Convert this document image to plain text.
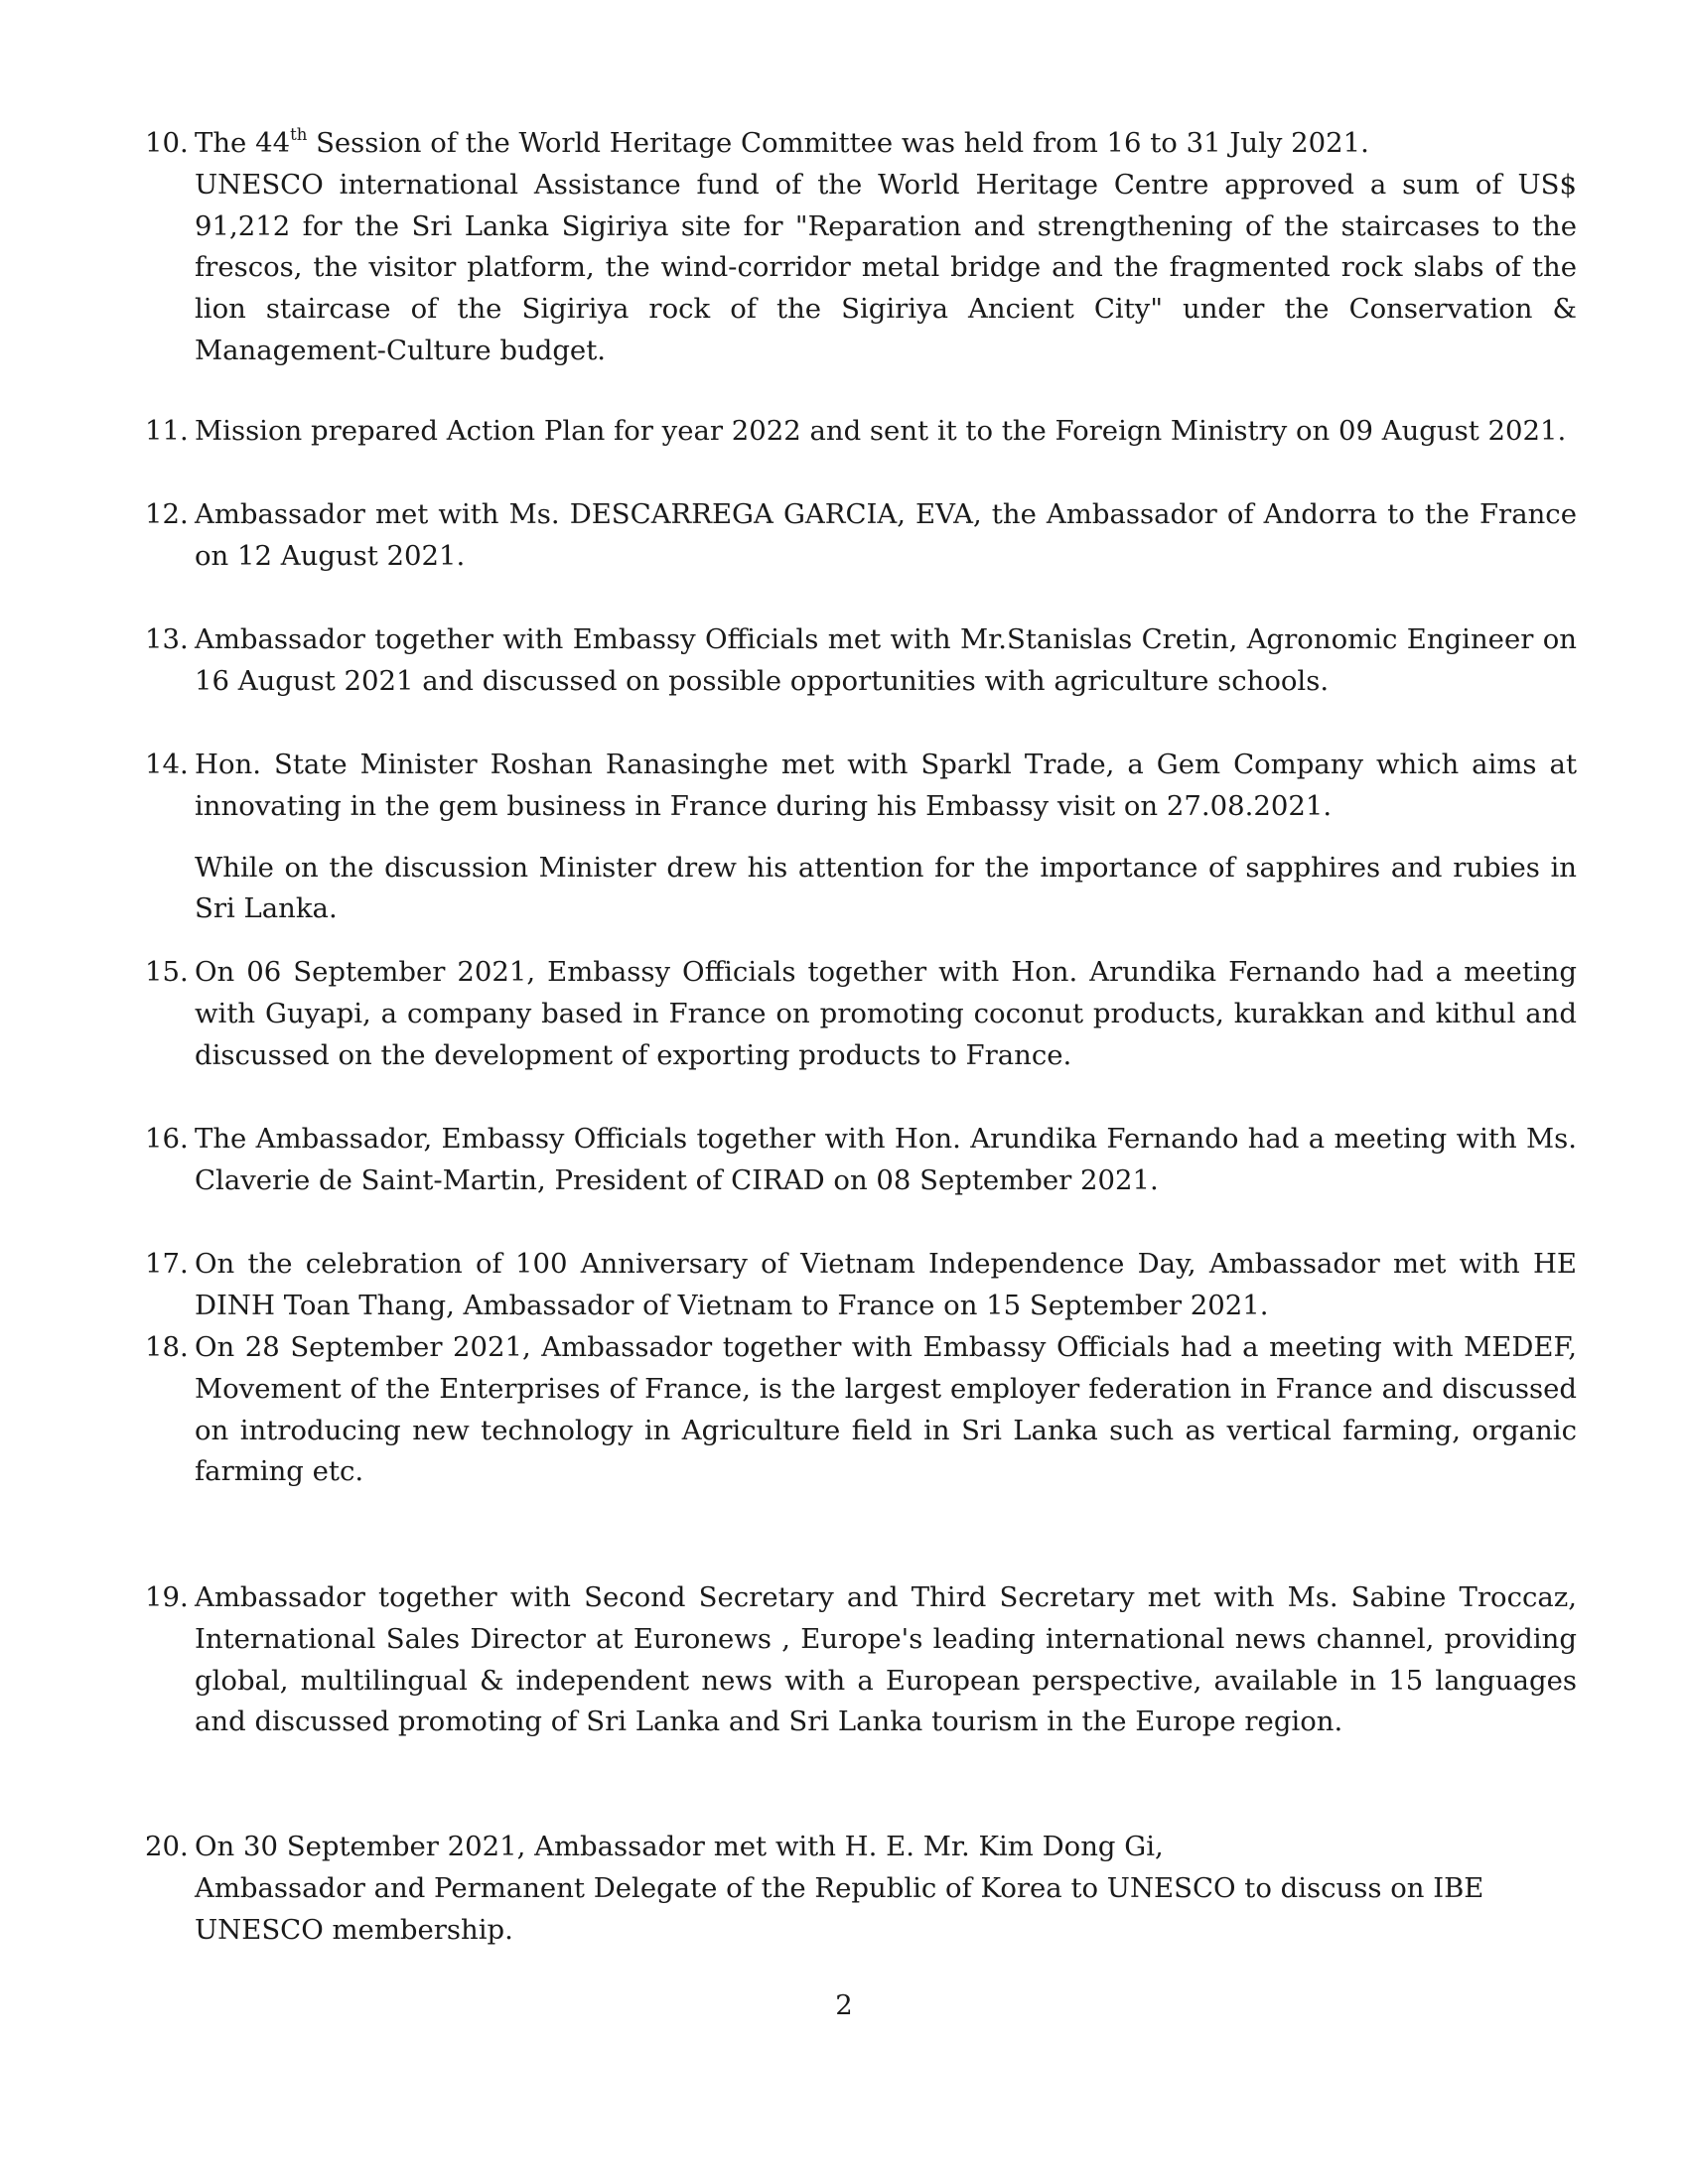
10. The 44th Session of the World Heritage Committee was held from 16 to 31 July 2021.

UNESCO international Assistance fund of the World Heritage Centre approved a sum of US$ 91,212 for the Sri Lanka Sigiriya site for "Reparation and strengthening of the staircases to the frescos, the visitor platform, the wind-corridor metal bridge and the fragmented rock slabs of the lion staircase of the Sigiriya rock of the Sigiriya Ancient City" under the Conservation & Management-Culture budget.

11. Mission prepared Action Plan for year 2022 and sent it to the Foreign Ministry on 09 August 2021.

12. Ambassador met with Ms. DESCARREGA GARCIA, EVA, the Ambassador of Andorra to the France on 12 August 2021.

13. Ambassador together with Embassy Officials met with Mr.Stanislas Cretin, Agronomic Engineer on 16 August 2021 and discussed on possible opportunities with agriculture schools.

14. Hon. State Minister Roshan Ranasinghe met with Sparkl Trade, a Gem Company which aims at innovating in the gem business in France during his Embassy visit on 27.08.2021.

While on the discussion Minister drew his attention for the importance of sapphires and rubies in Sri Lanka.

15. On 06 September 2021, Embassy Officials together with Hon. Arundika Fernando had a meeting with Guyapi, a company based in France on promoting coconut products, kurakkan and kithul and discussed on the development of exporting products to France.

16. The Ambassador, Embassy Officials together with Hon. Arundika Fernando had a meeting with Ms. Claverie de Saint-Martin, President of CIRAD on 08 September 2021.

17. On the celebration of 100 Anniversary of Vietnam Independence Day, Ambassador met with HE DINH Toan Thang, Ambassador of Vietnam to France on 15 September 2021.

18. On 28 September 2021, Ambassador together with Embassy Officials had a meeting with MEDEF, Movement of the Enterprises of France, is the largest employer federation in France and discussed on introducing new technology in Agriculture field in Sri Lanka such as vertical farming, organic farming etc.

19. Ambassador together with Second Secretary and Third Secretary met with Ms. Sabine Troccaz, International Sales Director at Euronews , Europe's leading international news channel, providing global, multilingual & independent news with a European perspective, available in 15 languages and discussed promoting of Sri Lanka and Sri Lanka tourism in the Europe region.

20. On 30 September 2021, Ambassador met with H. E. Mr. Kim Dong Gi,

Ambassador and Permanent Delegate of the Republic of Korea to UNESCO to discuss on IBE UNESCO membership.

2
